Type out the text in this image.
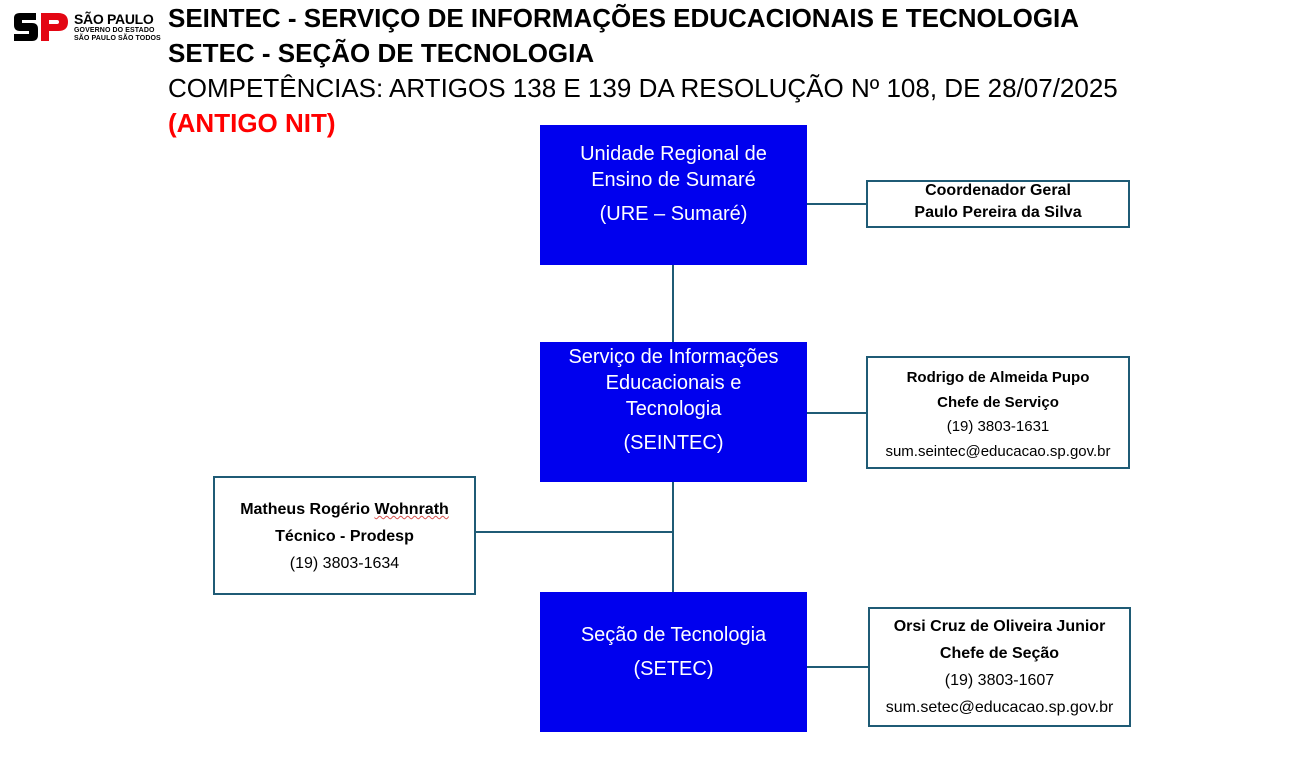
SÃO PAULO
GOVERNO DO ESTADO
SÃO PAULO SÃO TODOS
SEINTEC - SERVIÇO DE INFORMAÇÕES EDUCACIONAIS E TECNOLOGIA
SETEC - SEÇÃO DE TECNOLOGIA
COMPETÊNCIAS: ARTIGOS 138 E 139 DA RESOLUÇÃO Nº 108, DE 28/07/2025
(ANTIGO NIT)
Unidade Regional de
Ensino de Sumaré
(URE – Sumaré)
Serviço de Informações
Educacionais e
Tecnologia
(SEINTEC)
Seção de Tecnologia
(SETEC)
Coordenador Geral
Paulo Pereira da Silva
Rodrigo de Almeida Pupo
Chefe de Serviço
(19) 3803-1631
sum.seintec@educacao.sp.gov.br
Matheus Rogério Wohnrath
Técnico - Prodesp
(19) 3803-1634
Orsi Cruz de Oliveira Junior
Chefe de Seção
(19) 3803-1607
sum.setec@educacao.sp.gov.br
